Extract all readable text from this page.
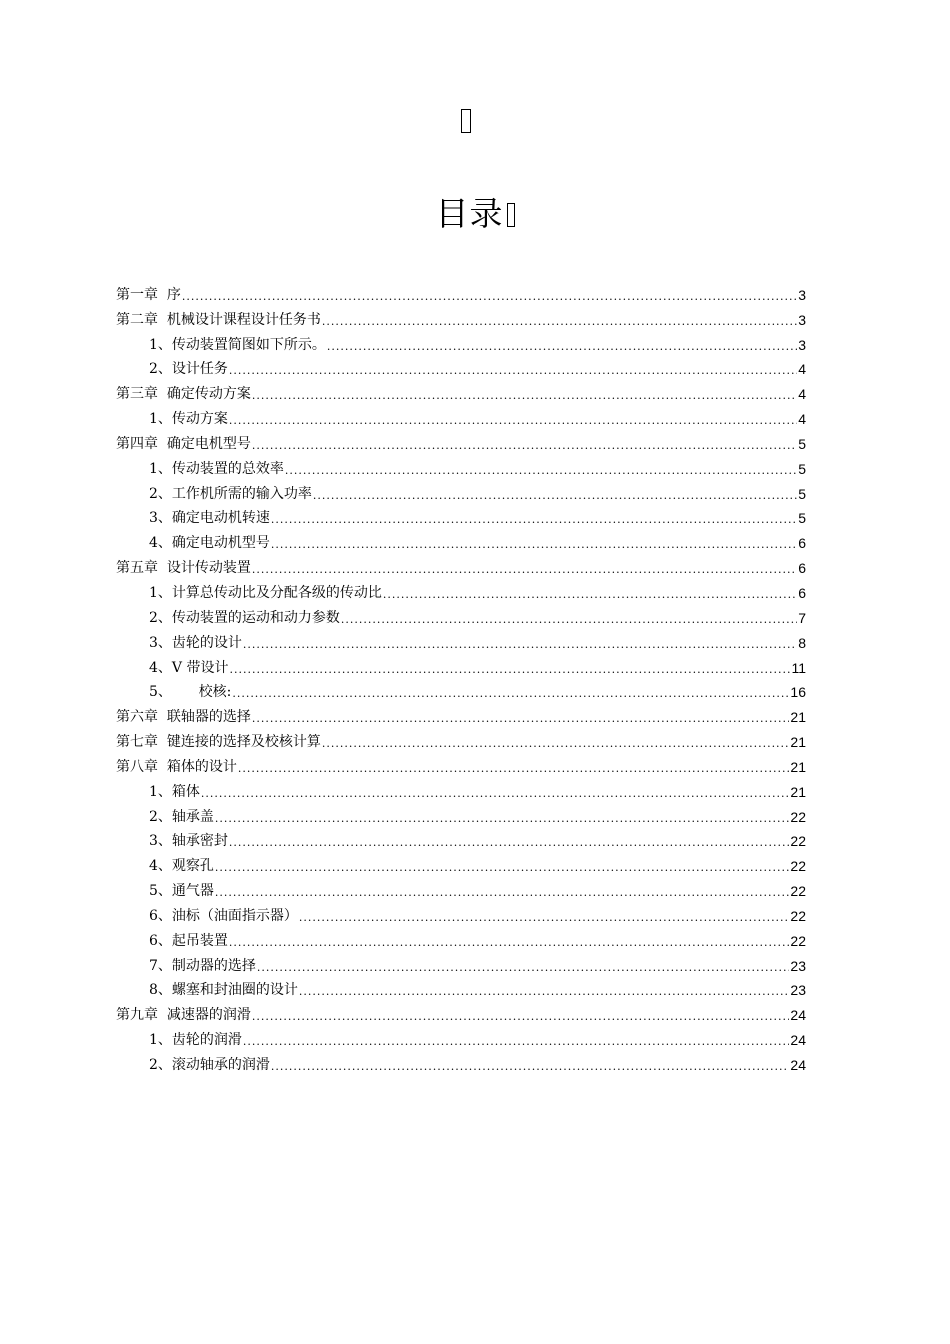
目录
第一章  序 .....	3
第二章  机械设计课程设计任务书 .....	3
1、传动装置简图如下所示。 .....	3
2、设计任务 .....	4
第三章  确定传动方案 .....	4
1、传动方案 .....	4
第四章  确定电机型号 .....	5
1、传动装置的总效率 .....	5
2、工作机所需的输入功率 .....	5
3、确定电动机转速 .....	5
4、确定电动机型号 .....	6
第五章  设计传动装置 .....	6
1、计算总传动比及分配各级的传动比 .....	6
2、传动装置的运动和动力参数 .....	7
3、齿轮的设计 .....	8
4、V 带设计 .....	11
5、      校核: .....	16
第六章  联轴器的选择 .....	21
第七章  键连接的选择及校核计算 .....	21
第八章  箱体的设计 .....	21
1、箱体 .....	21
2、轴承盖 .....	22
3、轴承密封 .....	22
4、观察孔 .....	22
5、通气器 .....	22
6、油标（油面指示器） .....	22
6、起吊装置 .....	22
7、制动器的选择 .....	23
8、螺塞和封油圈的设计 .....	23
第九章  减速器的润滑 .....	24
1、齿轮的润滑 .....	24
2、滚动轴承的润滑 .....	24
